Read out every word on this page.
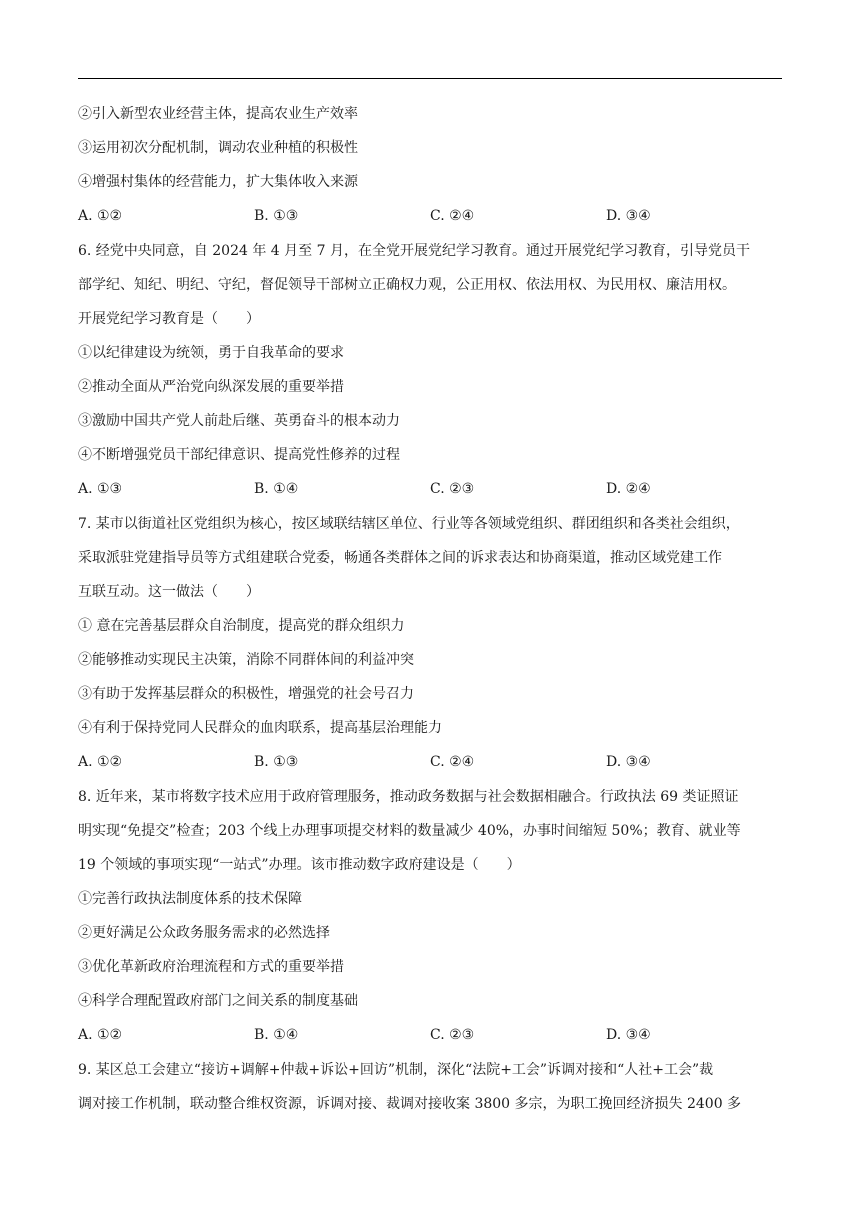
②引入新型农业经营主体，提高农业生产效率

③运用初次分配机制，调动农业种植的积极性

④增强村集体的经营能力，扩大集体收入来源

A. ①②	B. ①③	C. ②④	D. ③④

6. 经党中央同意，自 2024 年 4 月至 7 月，在全党开展党纪学习教育。通过开展党纪学习教育，引导党员干

部学纪、知纪、明纪、守纪，督促领导干部树立正确权力观，公正用权、依法用权、为民用权、廉洁用权。

开展党纪学习教育是（　　）

①以纪律建设为统领，勇于自我革命的要求

②推动全面从严治党向纵深发展的重要举措

③激励中国共产党人前赴后继、英勇奋斗的根本动力

④不断增强党员干部纪律意识、提高党性修养的过程

A. ①③	B. ①④	C. ②③	D. ②④

7. 某市以街道社区党组织为核心，按区域联结辖区单位、行业等各领域党组织、群团组织和各类社会组织，

采取派驻党建指导员等方式组建联合党委，畅通各类群体之间的诉求表达和协商渠道，推动区域党建工作

互联互动。这一做法（　　）

① 意在完善基层群众自治制度，提高党的群众组织力

②能够推动实现民主决策，消除不同群体间的利益冲突

③有助于发挥基层群众的积极性，增强党的社会号召力

④有利于保持党同人民群众的血肉联系，提高基层治理能力

A. ①②	B. ①③	C. ②④	D. ③④

8. 近年来，某市将数字技术应用于政府管理服务，推动政务数据与社会数据相融合。行政执法 69 类证照证

明实现“免提交”检查；203 个线上办理事项提交材料的数量减少 40%，办事时间缩短 50%；教育、就业等

19 个领域的事项实现“一站式”办理。该市推动数字政府建设是（　　）

①完善行政执法制度体系的技术保障

②更好满足公众政务服务需求的必然选择

③优化革新政府治理流程和方式的重要举措

④科学合理配置政府部门之间关系的制度基础

A. ①②	B. ①④	C. ②③	D. ③④

9. 某区总工会建立“接访+调解+仲裁+诉讼+回访”机制，深化“法院+工会”诉调对接和“人社+工会”裁

调对接工作机制，联动整合维权资源，诉调对接、裁调对接收案 3800 多宗，为职工挽回经济损失 2400 多
